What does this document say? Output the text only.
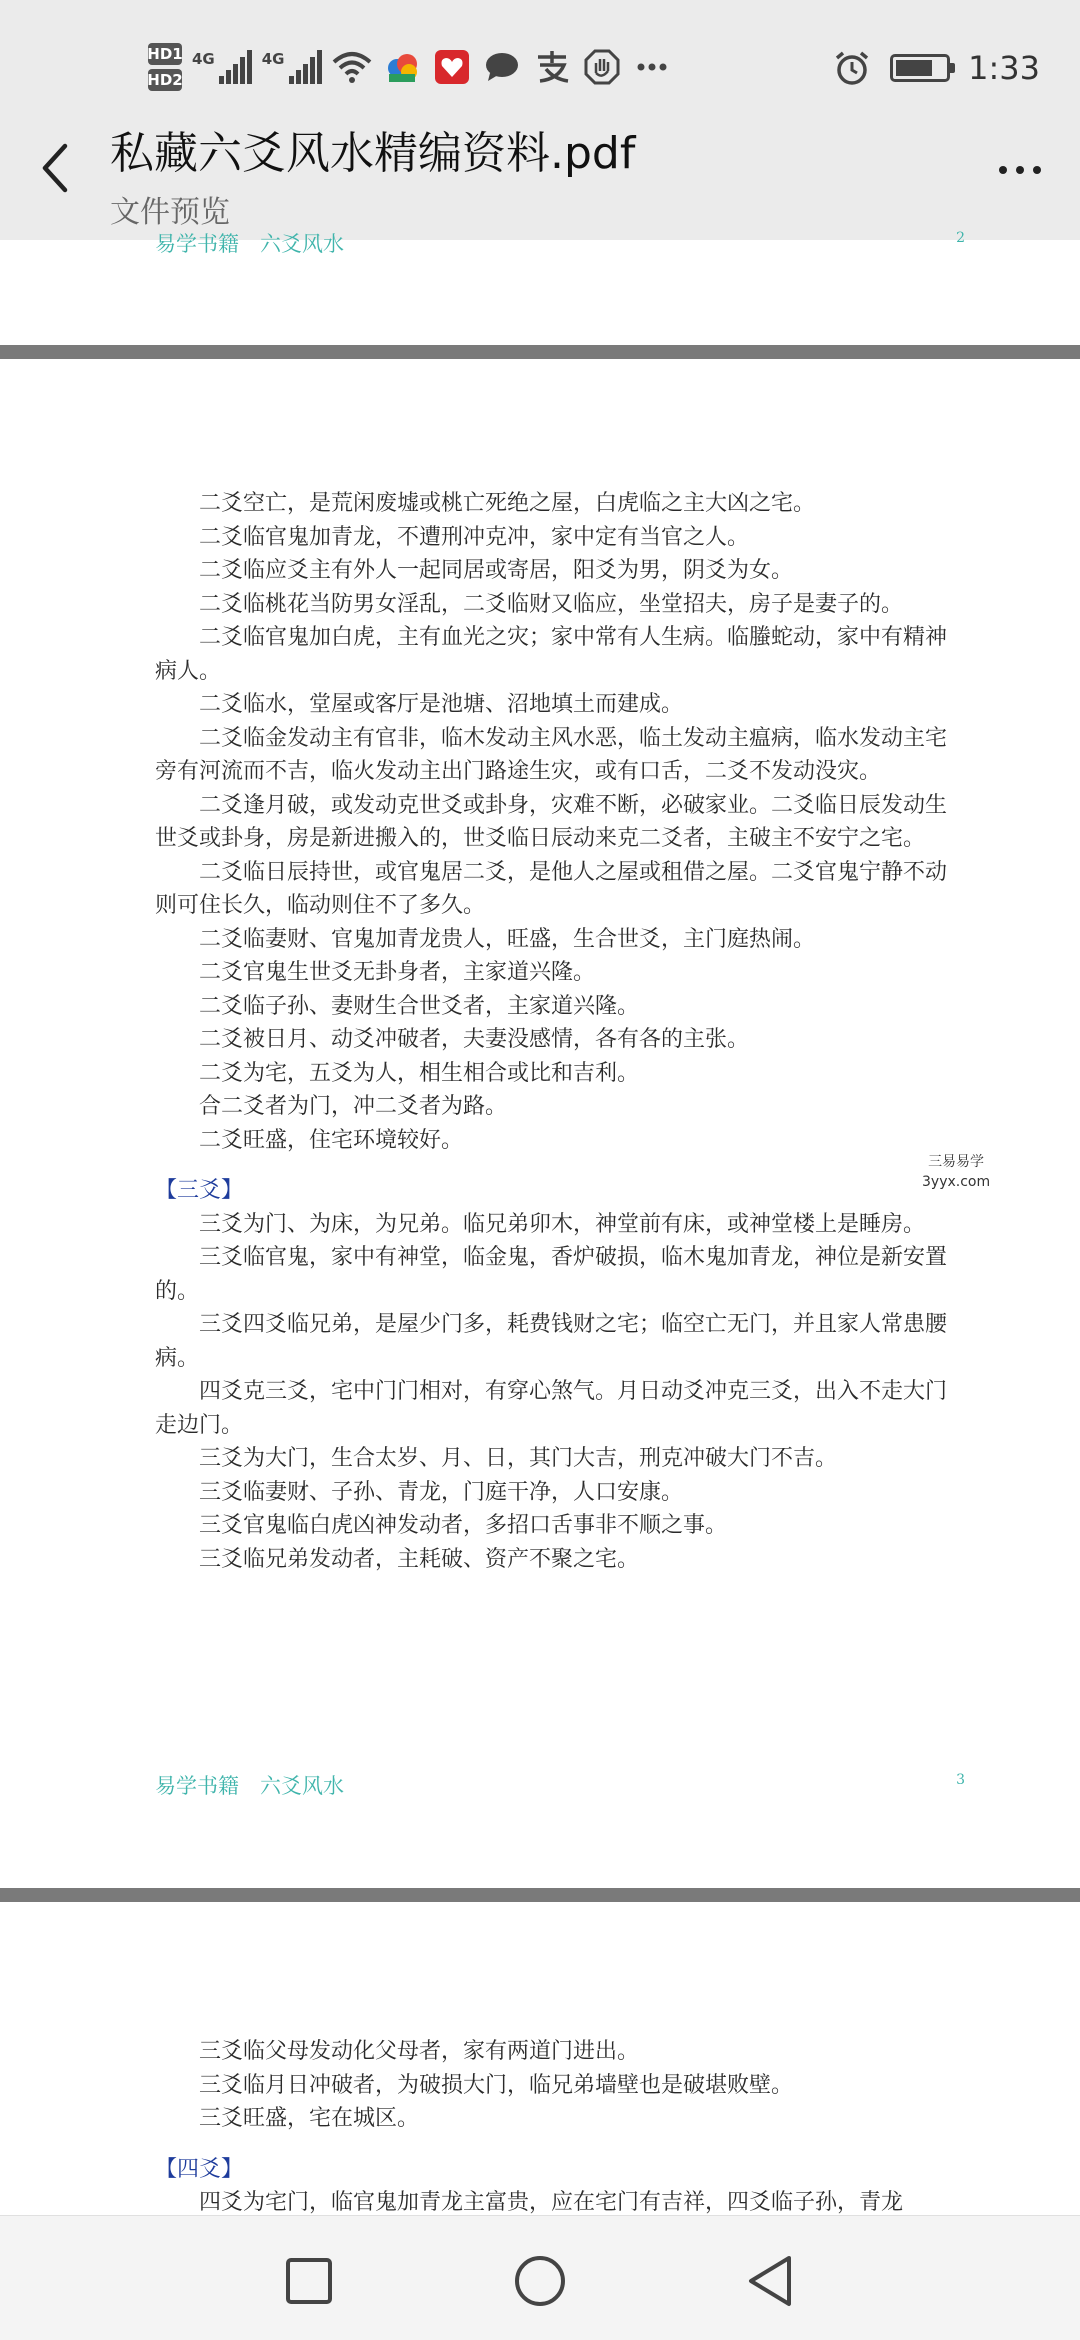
HD1
HD2
4G	4G	1:33
私藏六爻风水精编资料.pdf
文件预览
易学书籍　六爻风水	2

二爻空亡，是荒闲废墟或桃亡死绝之屋，白虎临之主大凶之宅。

二爻临官鬼加青龙，不遭刑冲克冲，家中定有当官之人。

二爻临应爻主有外人一起同居或寄居，阳爻为男，阴爻为女。

二爻临桃花当防男女淫乱，二爻临财又临应，坐堂招夫，房子是妻子的。

二爻临官鬼加白虎，主有血光之灾；家中常有人生病。临螣蛇动，家中有精神病人。

二爻临水，堂屋或客厅是池塘、沼地填土而建成。

二爻临金发动主有官非，临木发动主风水恶，临土发动主瘟病，临水发动主宅旁有河流而不吉，临火发动主出门路途生灾，或有口舌，二爻不发动没灾。

二爻逢月破，或发动克世爻或卦身，灾难不断，必破家业。二爻临日辰发动生世爻或卦身，房是新进搬入的，世爻临日辰动来克二爻者，主破主不安宁之宅。

二爻临日辰持世，或官鬼居二爻，是他人之屋或租借之屋。二爻官鬼宁静不动则可住长久，临动则住不了多久。

二爻临妻财、官鬼加青龙贵人，旺盛，生合世爻，主门庭热闹。

二爻官鬼生世爻无卦身者，主家道兴隆。

二爻临子孙、妻财生合世爻者，主家道兴隆。

二爻被日月、动爻冲破者，夫妻没感情，各有各的主张。

二爻为宅，五爻为人，相生相合或比和吉利。

合二爻者为门，冲二爻者为路。

二爻旺盛，住宅环境较好。

【三爻】

三爻为门、为床，为兄弟。临兄弟卯木，神堂前有床，或神堂楼上是睡房。

三爻临官鬼，家中有神堂，临金鬼，香炉破损，临木鬼加青龙，神位是新安置的。

三爻四爻临兄弟，是屋少门多，耗费钱财之宅；临空亡无门，并且家人常患腰病。

四爻克三爻，宅中门门相对，有穿心煞气。月日动爻冲克三爻，出入不走大门走边门。

三爻为大门，生合太岁、月、日，其门大吉，刑克冲破大门不吉。

三爻临妻财、子孙、青龙，门庭干净，人口安康。

三爻官鬼临白虎凶神发动者，多招口舌事非不顺之事。

三爻临兄弟发动者，主耗破、资产不聚之宅。

三易易学
3yyx.com
易学书籍　六爻风水	3

三爻临父母发动化父母者，家有两道门进出。

三爻临月日冲破者，为破损大门，临兄弟墙壁也是破堪败壁。

三爻旺盛，宅在城区。

【四爻】

四爻为宅门，临官鬼加青龙主富贵，应在宅门有吉祥，四爻临子孙，青龙
